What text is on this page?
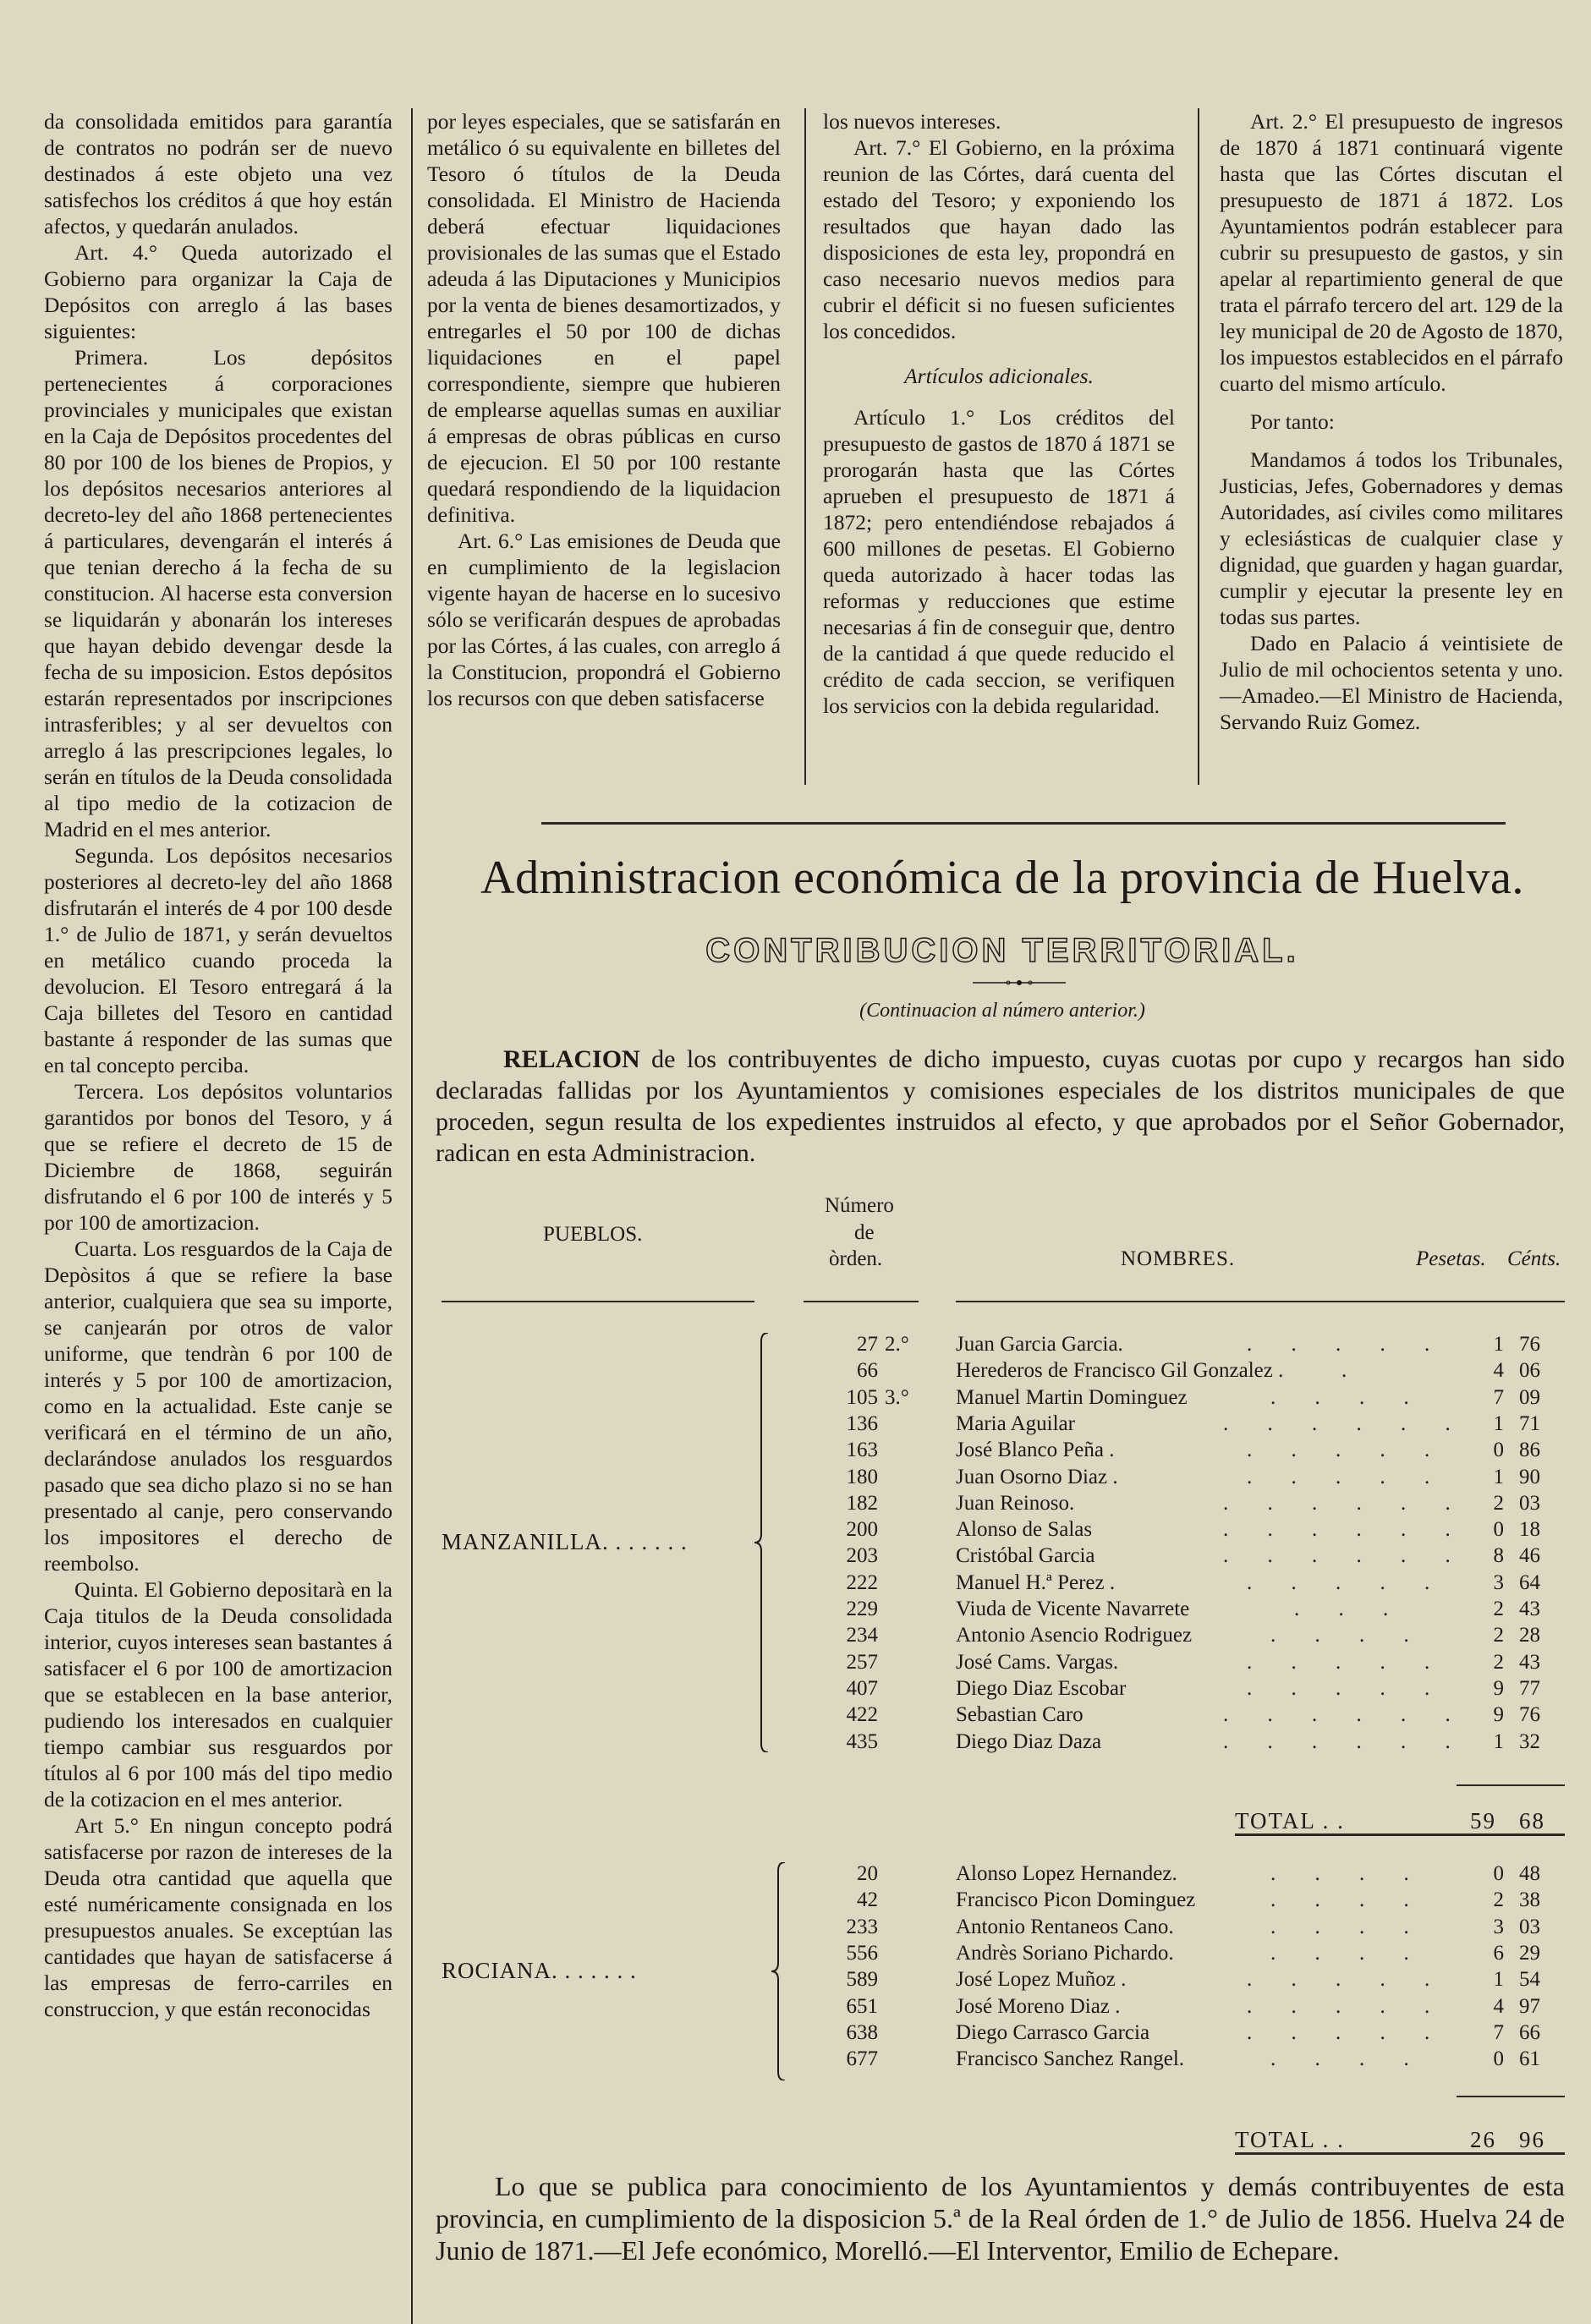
da consolidada emitidos para garantía de contratos no podrán ser de nuevo destinados á este objeto una vez satisfechos los créditos á que hoy están afectos, y quedarán anulados.

Art. 4.° Queda autorizado el Gobierno para organizar la Caja de Depósitos con arreglo á las bases siguientes:

Primera. Los depósitos pertenecientes á corporaciones provinciales y municipales que existan en la Caja de Depósitos procedentes del 80 por 100 de los bienes de Propios, y los depósitos necesarios anteriores al decreto-ley del año 1868 pertenecientes á particulares, devengarán el interés á que tenian derecho á la fecha de su constitucion. Al hacerse esta conversion se liquidarán y abonarán los intereses que hayan debido devengar desde la fecha de su imposicion. Estos depósitos estarán representados por inscripciones intrasferibles; y al ser devueltos con arreglo á las prescripciones legales, lo serán en títulos de la Deuda consolidada al tipo medio de la cotizacion de Madrid en el mes anterior.

Segunda. Los depósitos necesarios posteriores al decreto-ley del año 1868 disfrutarán el interés de 4 por 100 desde 1.° de Julio de 1871, y serán devueltos en metálico cuando proceda la devolucion. El Tesoro entregará á la Caja billetes del Tesoro en cantidad bastante á responder de las sumas que en tal concepto perciba.

Tercera. Los depósitos voluntarios garantidos por bonos del Tesoro, y á que se refiere el decreto de 15 de Diciembre de 1868, seguirán disfrutando el 6 por 100 de interés y 5 por 100 de amortizacion.

Cuarta. Los resguardos de la Caja de Depòsitos á que se refiere la base anterior, cualquiera que sea su importe, se canjearán por otros de valor uniforme, que tendràn 6 por 100 de interés y 5 por 100 de amortizacion, como en la actualidad. Este canje se verificará en el término de un año, declarándose anulados los resguardos pasado que sea dicho plazo si no se han presentado al canje, pero conservando los impositores el derecho de reembolso.

Quinta. El Gobierno depositarà en la Caja titulos de la Deuda consolidada interior, cuyos intereses sean bastantes á satisfacer el 6 por 100 de amortizacion que se establecen en la base anterior, pudiendo los interesados en cualquier tiempo cambiar sus resguardos por títulos al 6 por 100 más del tipo medio de la cotizacion en el mes anterior.

Art 5.° En ningun concepto podrá satisfacerse por razon de intereses de la Deuda otra cantidad que aquella que esté numéricamente consignada en los presupuestos anuales. Se exceptúan las cantidades que hayan de satisfacerse á las empresas de ferro-carriles en construccion, y que están reconocidas

por leyes especiales, que se satisfarán en metálico ó su equivalente en billetes del Tesoro ó títulos de la Deuda consolidada. El Ministro de Hacienda deberá efectuar liquidaciones provisionales de las sumas que el Estado adeuda á las Diputaciones y Municipios por la venta de bienes desamortizados, y entregarles el 50 por 100 de dichas liquidaciones en el papel correspondiente, siempre que hubieren de emplearse aquellas sumas en auxiliar á empresas de obras públicas en curso de ejecucion. El 50 por 100 restante quedará respondiendo de la liquidacion definitiva.

Art. 6.° Las emisiones de Deuda que en cumplimiento de la legislacion vigente hayan de hacerse en lo sucesivo sólo se verificarán despues de aprobadas por las Córtes, á las cuales, con arreglo á la Constitucion, propondrá el Gobierno los recursos con que deben satisfacerse

los nuevos intereses.

Art. 7.° El Gobierno, en la próxima reunion de las Córtes, dará cuenta del estado del Tesoro; y exponiendo los resultados que hayan dado las disposiciones de esta ley, propondrá en caso necesario nuevos medios para cubrir el déficit si no fuesen suficientes los concedidos.

Artículos adicionales.

Artículo 1.° Los créditos del presupuesto de gastos de 1870 á 1871 se prorogarán hasta que las Córtes aprueben el presupuesto de 1871 á 1872; pero entendiéndose rebajados á 600 millones de pesetas. El Gobierno queda autorizado à hacer todas las reformas y reducciones que estime necesarias á fin de conseguir que, dentro de la cantidad á que quede reducido el crédito de cada seccion, se verifiquen los servicios con la debida regularidad.

Art. 2.° El presupuesto de ingresos de 1870 á 1871 continuará vigente hasta que las Córtes discutan el presupuesto de 1871 á 1872. Los Ayuntamientos podrán establecer para cubrir su presupuesto de gastos, y sin apelar al repartimiento general de que trata el párrafo tercero del art. 129 de la ley municipal de 20 de Agosto de 1870, los impuestos establecidos en el párrafo cuarto del mismo artículo.

Por tanto:

Mandamos á todos los Tribunales, Justicias, Jefes, Gobernadores y demas Autoridades, así civiles como militares y eclesiásticas de cualquier clase y dignidad, que guarden y hagan guardar, cumplir y ejecutar la presente ley en todas sus partes.

Dado en Palacio á veintisiete de Julio de mil ochocientos setenta y uno. —Amadeo.—El Ministro de Hacienda, Servando Ruiz Gomez.

Administracion económica de la provincia de Huelva.
CONTRIBUCION TERRITORIAL.
(Continuacion al número anterior.)
RELACION de los contribuyentes de dicho impuesto, cuyas cuotas por cupo y recargos han sido declaradas fallidas por los Ayuntamientos y comisiones especiales de los distritos municipales de que proceden, segun resulta de los expedientes instruidos al efecto, y que aprobados por el Señor Gobernador, radican en esta Administracion.
PUEBLOS.
Número
de
òrden.	NOMBRES.	Pesetas. Cénts.
27 2.° Juan Garcia Garcia.	. . . . .	1 76
66	Herederos de Francisco Gil Gonzalez .	.	4 06
105 3.° Manuel Martin Dominguez	. . . .	7 09
136	Maria Aguilar	. . . . . .	1 71
163	José Blanco Peña .	. . . . .	0 86
180	Juan Osorno Diaz .	. . . . .	1 90
182	Juan Reinoso.	. . . . . .	2 03
200	Alonso de Salas	. . . . . .	0 18
203	Cristóbal Garcia	. . . . . .	8 46
222	Manuel H.ª Perez .	. . . . .	3 64
229	Viuda de Vicente Navarrete	. . .	2 43
234	Antonio Asencio Rodriguez	. . . .	2 28
257	José Cams. Vargas.	. . . . .	2 43
407	Diego Diaz Escobar	. . . . .	9 77
422	Sebastian Caro	. . . . . .	9 76
435	Diego Diaz Daza	. . . . . .	1 32
MANZANILLA. . . . . . .
TOTAL . .	59 68
20	Alonso Lopez Hernandez.	. . . .	0 48
42	Francisco Picon Dominguez	. . . .	2 38
233	Antonio Rentaneos Cano.	. . . .	3 03
556	Andrès Soriano Pichardo.	. . . .	6 29
589	José Lopez Muñoz .	. . . . .	1 54
651	José Moreno Diaz .	. . . . .	4 97
638	Diego Carrasco Garcia	. . . . .	7 66
677	Francisco Sanchez Rangel.	. . . .	0 61
ROCIANA. . . . . . .
TOTAL . .	26 96
Lo que se publica para conocimiento de los Ayuntamientos y demás contribuyentes de esta provincia, en cumplimiento de la disposicion 5.ª de la Real órden de 1.° de Julio de 1856. Huelva 24 de Junio de 1871.—El Jefe económico, Morelló.—El Interventor, Emilio de Echepare.
